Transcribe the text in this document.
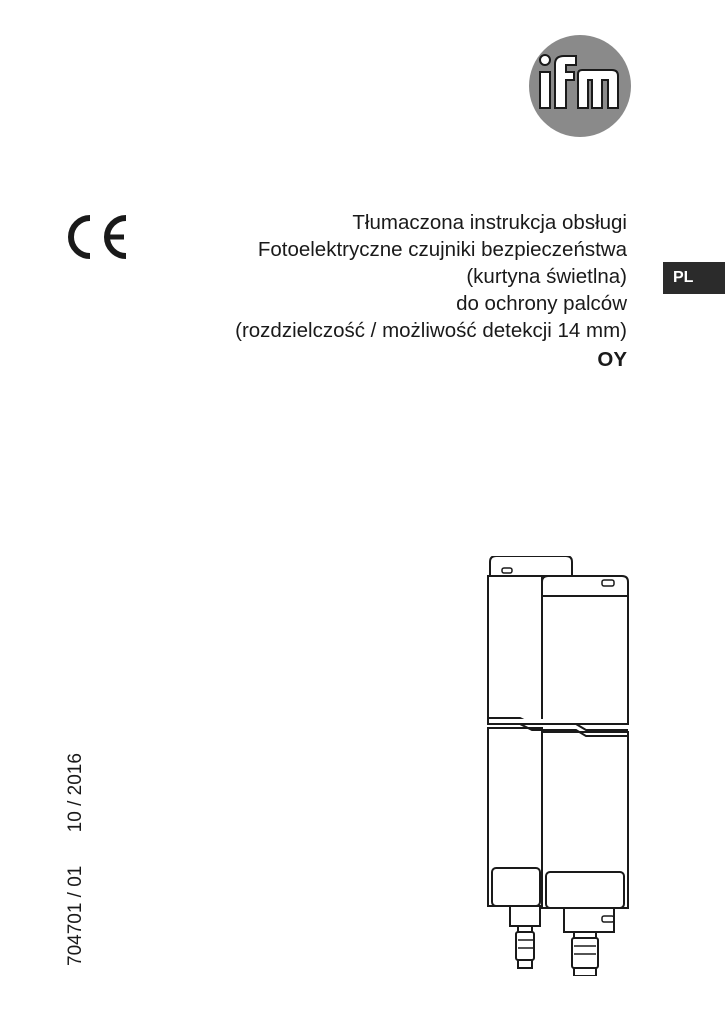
Tłumaczona instrukcja obsługi
Fotoelektryczne czujniki bezpieczeństwa
(kurtyna świetlna)
do ochrony palców
(rozdzielczość / możliwość detekcji 14 mm)
OY
PL
704701 / 01 10 / 2016
